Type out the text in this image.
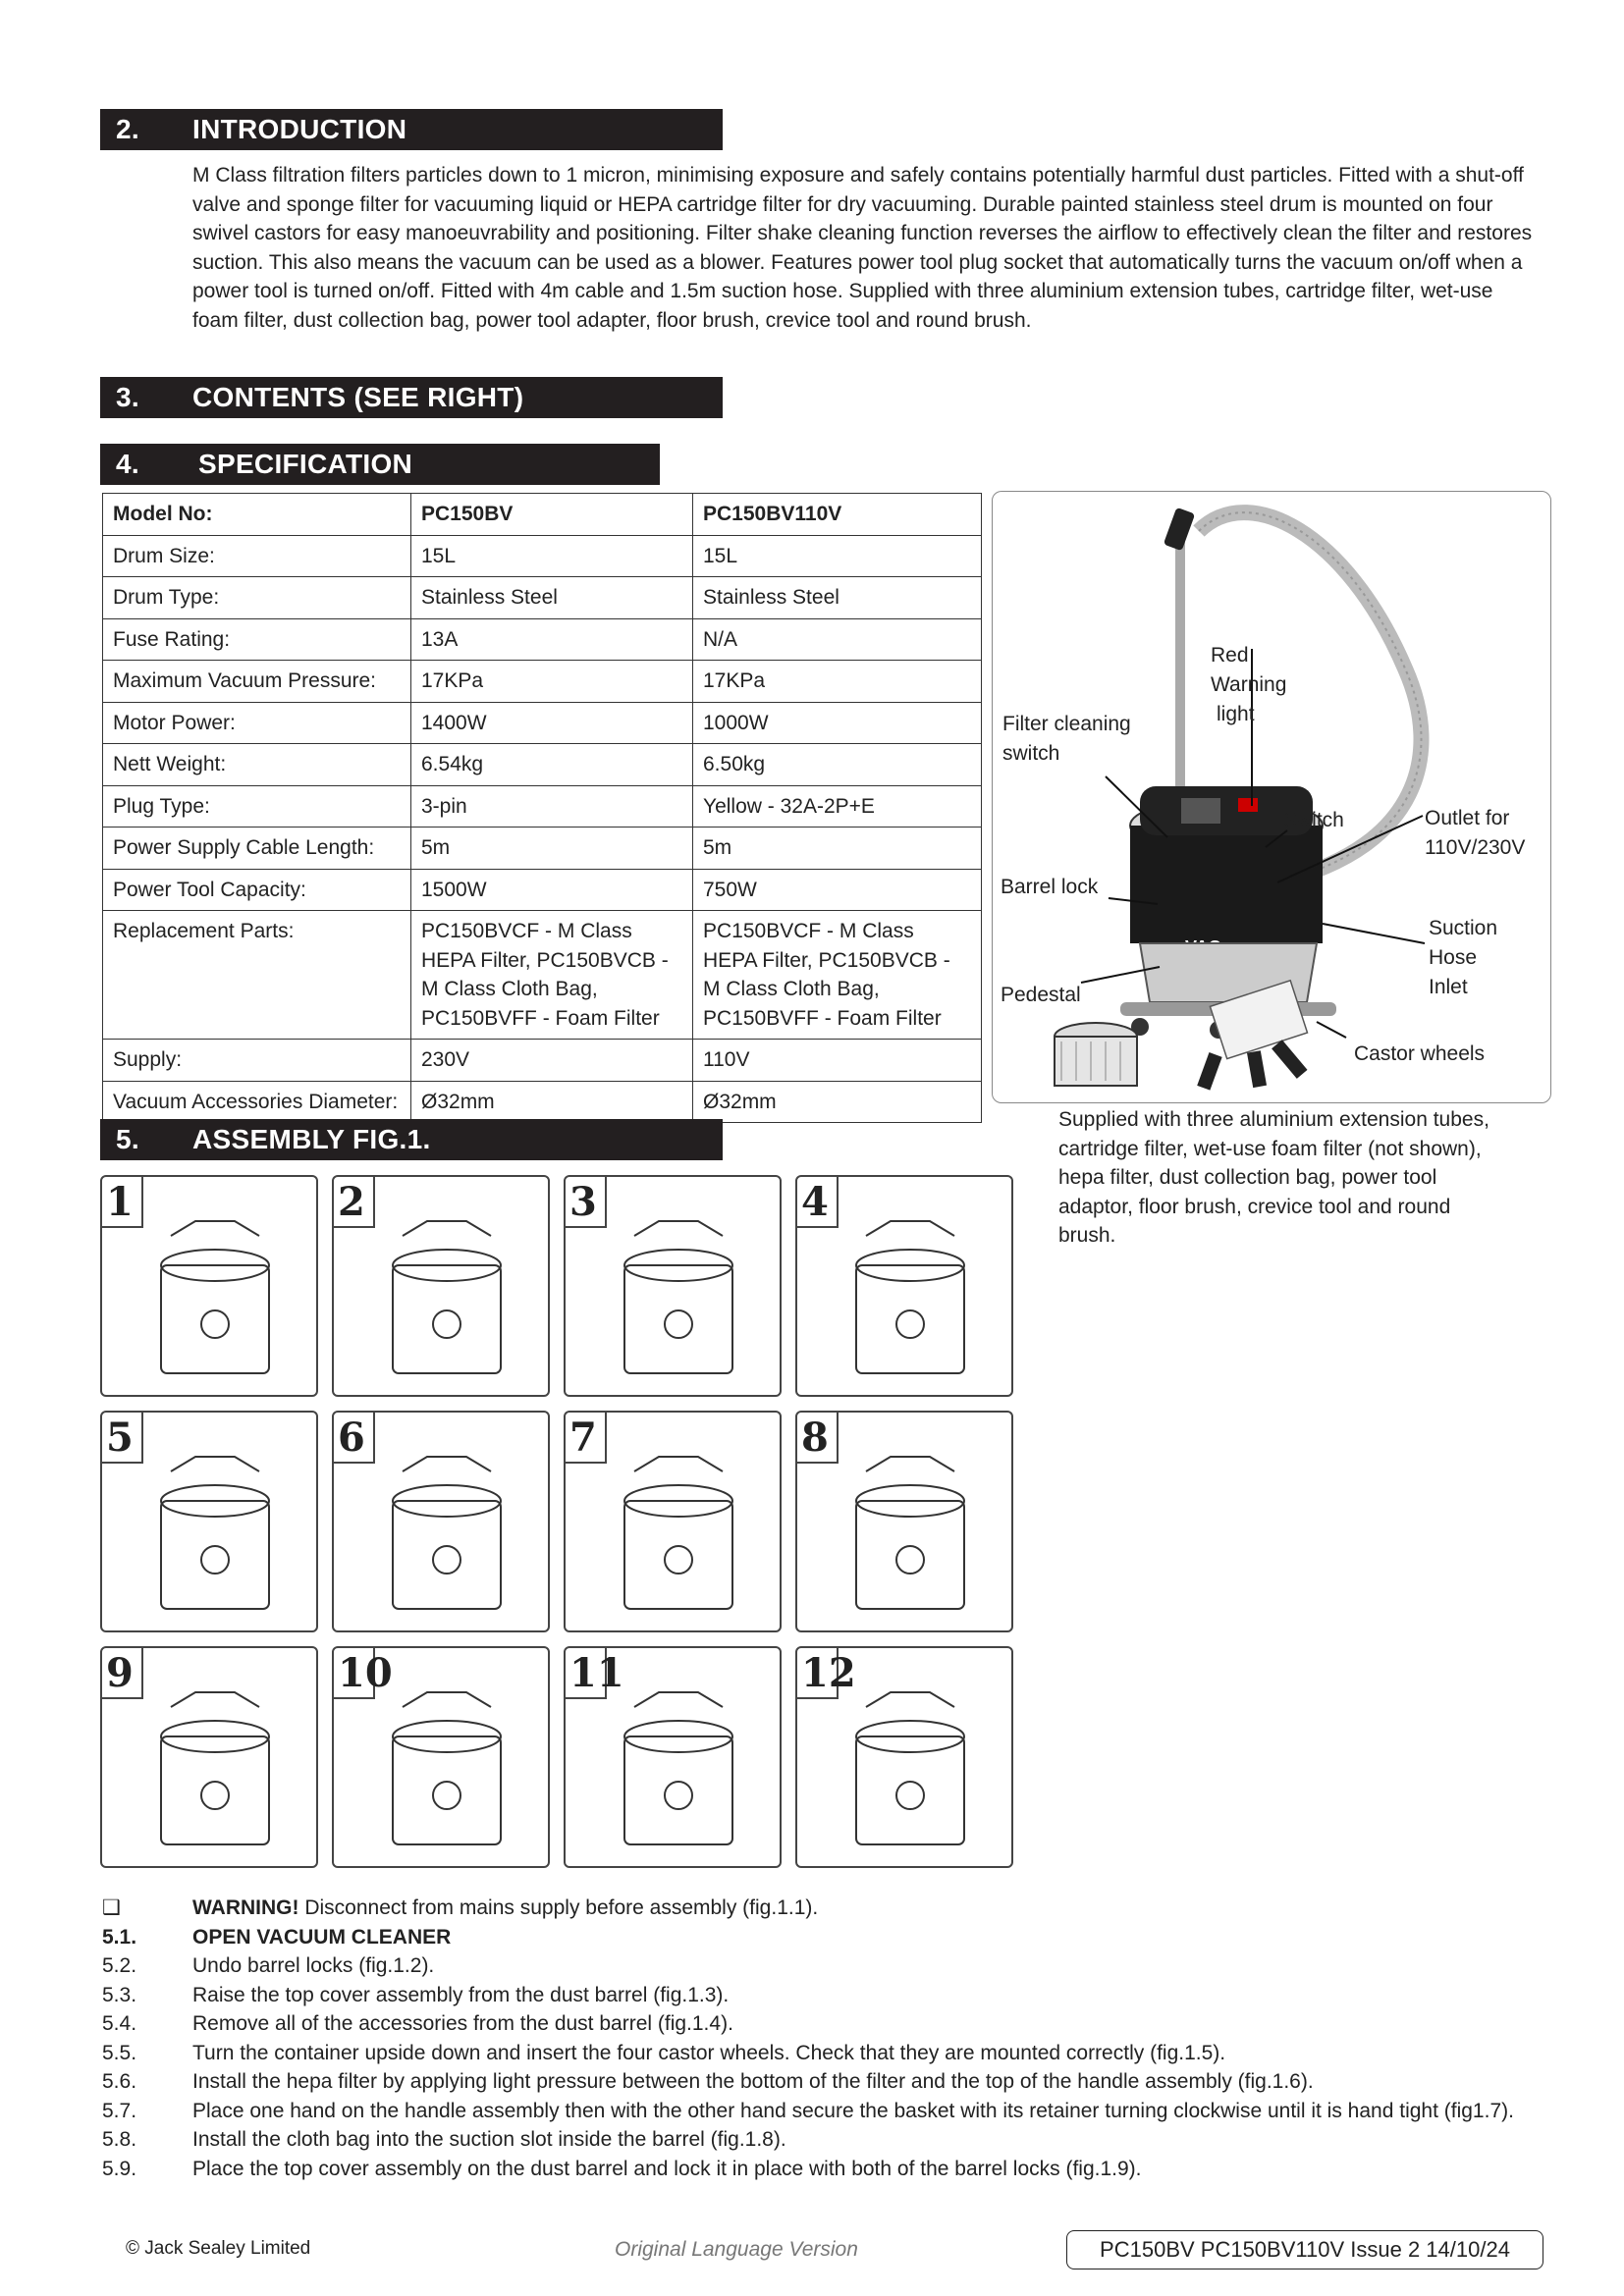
2. INTRODUCTION
M Class filtration filters particles down to 1 micron, minimising exposure and safely contains potentially harmful dust particles. Fitted with a shut-off valve and sponge filter for vacuuming liquid or HEPA cartridge filter for dry vacuuming. Durable painted stainless steel drum is mounted on four swivel castors for easy manoeuvrability and positioning. Filter shake cleaning function reverses the airflow to effectively clean the filter and restores suction. This also means the vacuum can be used as a blower. Features power tool plug socket that automatically turns the vacuum on/off when a power tool is turned on/off. Fitted with 4m cable and 1.5m suction hose. Supplied with three aluminium extension tubes, cartridge filter, wet-use foam filter, dust collection bag, power tool adapter, floor brush, crevice tool and round brush.
3. CONTENTS (SEE RIGHT)
4. SPECIFICATION
Model No:	PC150BV	PC150BV110V
Drum Size:	15L	15L
Drum Type:	Stainless Steel	Stainless Steel
Fuse Rating:	13A	N/A
Maximum Vacuum Pressure:	17KPa	17KPa
Motor Power:	1400W	1000W
Nett Weight:	6.54kg	6.50kg
Plug Type:	3-pin	Yellow - 32A-2P+E
Power Supply Cable Length:	5m	5m
Power Tool Capacity:	1500W	750W
Replacement Parts:	PC150BVCF - M Class HEPA Filter, PC150BVCB - M Class Cloth Bag, PC150BVFF - Foam Filter	PC150BVCF - M Class HEPA Filter, PC150BVCB - M Class Cloth Bag, PC150BVFF - Foam Filter
Supply:	230V	110V
Vacuum Accessories Diameter:	Ø32mm	Ø32mm
Red
Warning
light
Filter cleaning
switch
Switch	Outlet for
110V/230V
Barrel lock
Suction
Hose
Inlet
Pedestal
Castor wheels
Supplied with three aluminium extension tubes, cartridge filter, wet-use foam filter (not shown), hepa filter, dust collection bag, power tool adaptor, floor brush, crevice tool and round brush.
5. ASSEMBLY FIG.1.
1	2	3	4
5	6	7	8
9	10	11	12
❑	WARNING! Disconnect from mains supply before assembly (fig.1.1).
5.1.	OPEN VACUUM CLEANER
5.2.	Undo barrel locks (fig.1.2).
5.3.	Raise the top cover assembly from the dust barrel (fig.1.3).
5.4.	Remove all of the accessories from the dust barrel (fig.1.4).
5.5.	Turn the container upside down and insert the four castor wheels. Check that they are mounted correctly (fig.1.5).
5.6.	Install the hepa filter by applying light pressure between the bottom of the filter and the top of the handle assembly (fig.1.6).
5.7.	Place one hand on the handle assembly then with the other hand secure the basket with its retainer turning clockwise until it is hand tight (fig1.7).
5.8.	Install the cloth bag into the suction slot inside the barrel (fig.1.8).
5.9.	Place the top cover assembly on the dust barrel and lock it in place with both of the barrel locks (fig.1.9).
© Jack Sealey Limited	Original Language Version	PC150BV PC150BV110V Issue 2 14/10/24
